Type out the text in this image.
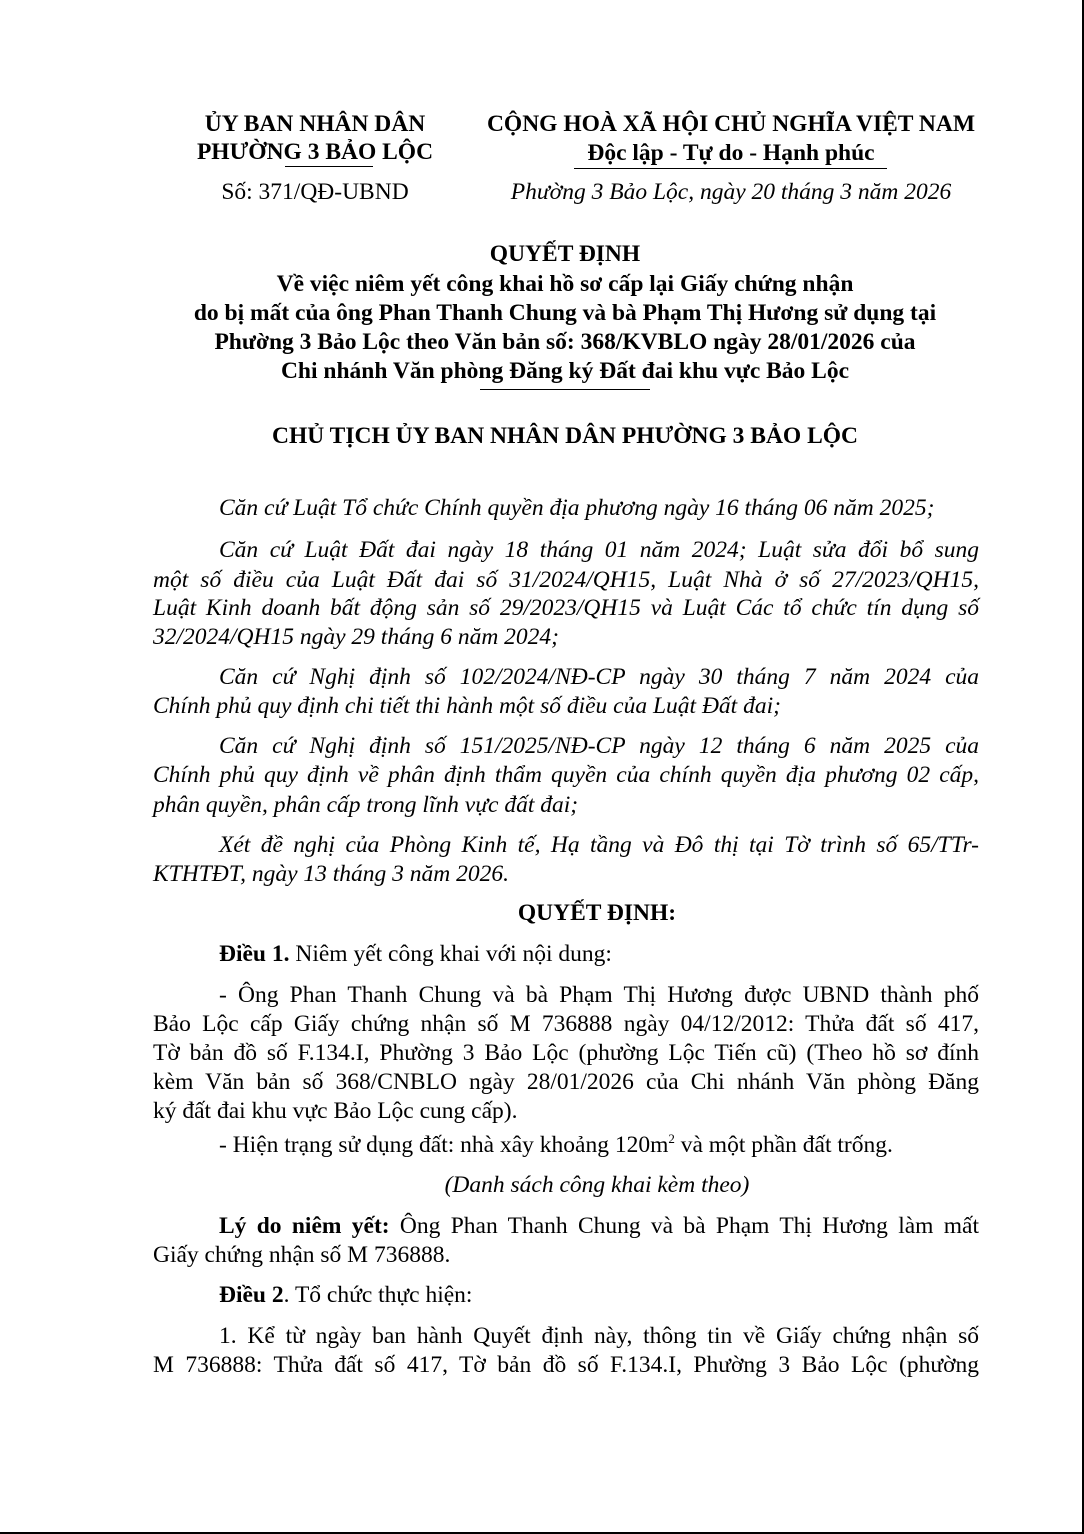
ỦY BAN NHÂN DÂN
PHƯỜNG 3 BẢO LỘC
Số: 371/QĐ-UBND
CỘNG HOÀ XÃ HỘI CHỦ NGHĨA VIỆT NAM
Độc lập - Tự do - Hạnh phúc
Phường 3 Bảo Lộc, ngày 20 tháng 3 năm 2026
QUYẾT ĐỊNH
Về việc niêm yết công khai hồ sơ cấp lại Giấy chứng nhận
do bị mất của ông Phan Thanh Chung và bà Phạm Thị Hương sử dụng tại
Phường 3 Bảo Lộc theo Văn bản số: 368/KVBLO ngày 28/01/2026 của
Chi nhánh Văn phòng Đăng ký Đất đai khu vực Bảo Lộc
CHỦ TỊCH ỦY BAN NHÂN DÂN PHƯỜNG 3 BẢO LỘC
Căn cứ Luật Tổ chức Chính quyền địa phương ngày 16 tháng 06 năm 2025;
Căn cứ Luật Đất đai ngày 18 tháng 01 năm 2024; Luật sửa đổi bổ sung
một số điều của Luật Đất đai số 31/2024/QH15, Luật Nhà ở số 27/2023/QH15,
Luật Kinh doanh bất động sản số 29/2023/QH15 và Luật Các tổ chức tín dụng số
32/2024/QH15 ngày 29 tháng 6 năm 2024;
Căn cứ Nghị định số 102/2024/NĐ-CP ngày 30 tháng 7 năm 2024 của
Chính phủ quy định chi tiết thi hành một số điều của Luật Đất đai;
Căn cứ Nghị định số 151/2025/NĐ-CP ngày 12 tháng 6 năm 2025 của
Chính phủ quy định về phân định thẩm quyền của chính quyền địa phương 02 cấp,
phân quyền, phân cấp trong lĩnh vực đất đai;
Xét đề nghị của Phòng Kinh tế, Hạ tầng và Đô thị tại Tờ trình số 65/TTr-
KTHTĐT, ngày 13 tháng 3 năm 2026.
QUYẾT ĐỊNH:
Điều 1. Niêm yết công khai với nội dung:
- Ông Phan Thanh Chung và bà Phạm Thị Hương được UBND thành phố
Bảo Lộc cấp Giấy chứng nhận số M 736888 ngày 04/12/2012: Thửa đất số 417,
Tờ bản đồ số F.134.I, Phường 3 Bảo Lộc (phường Lộc Tiến cũ) (Theo hồ sơ đính
kèm Văn bản số 368/CNBLO ngày 28/01/2026 của Chi nhánh Văn phòng Đăng
ký đất đai khu vực Bảo Lộc cung cấp).
- Hiện trạng sử dụng đất: nhà xây khoảng $120m^2$ và một phần đất trống.
(Danh sách công khai kèm theo)
Lý do niêm yết: Ông Phan Thanh Chung và bà Phạm Thị Hương làm mất
Giấy chứng nhận số M 736888.
Điều 2. Tổ chức thực hiện:
1. Kể từ ngày ban hành Quyết định này, thông tin về Giấy chứng nhận số
M 736888: Thửa đất số 417, Tờ bản đồ số F.134.I, Phường 3 Bảo Lộc (phường
